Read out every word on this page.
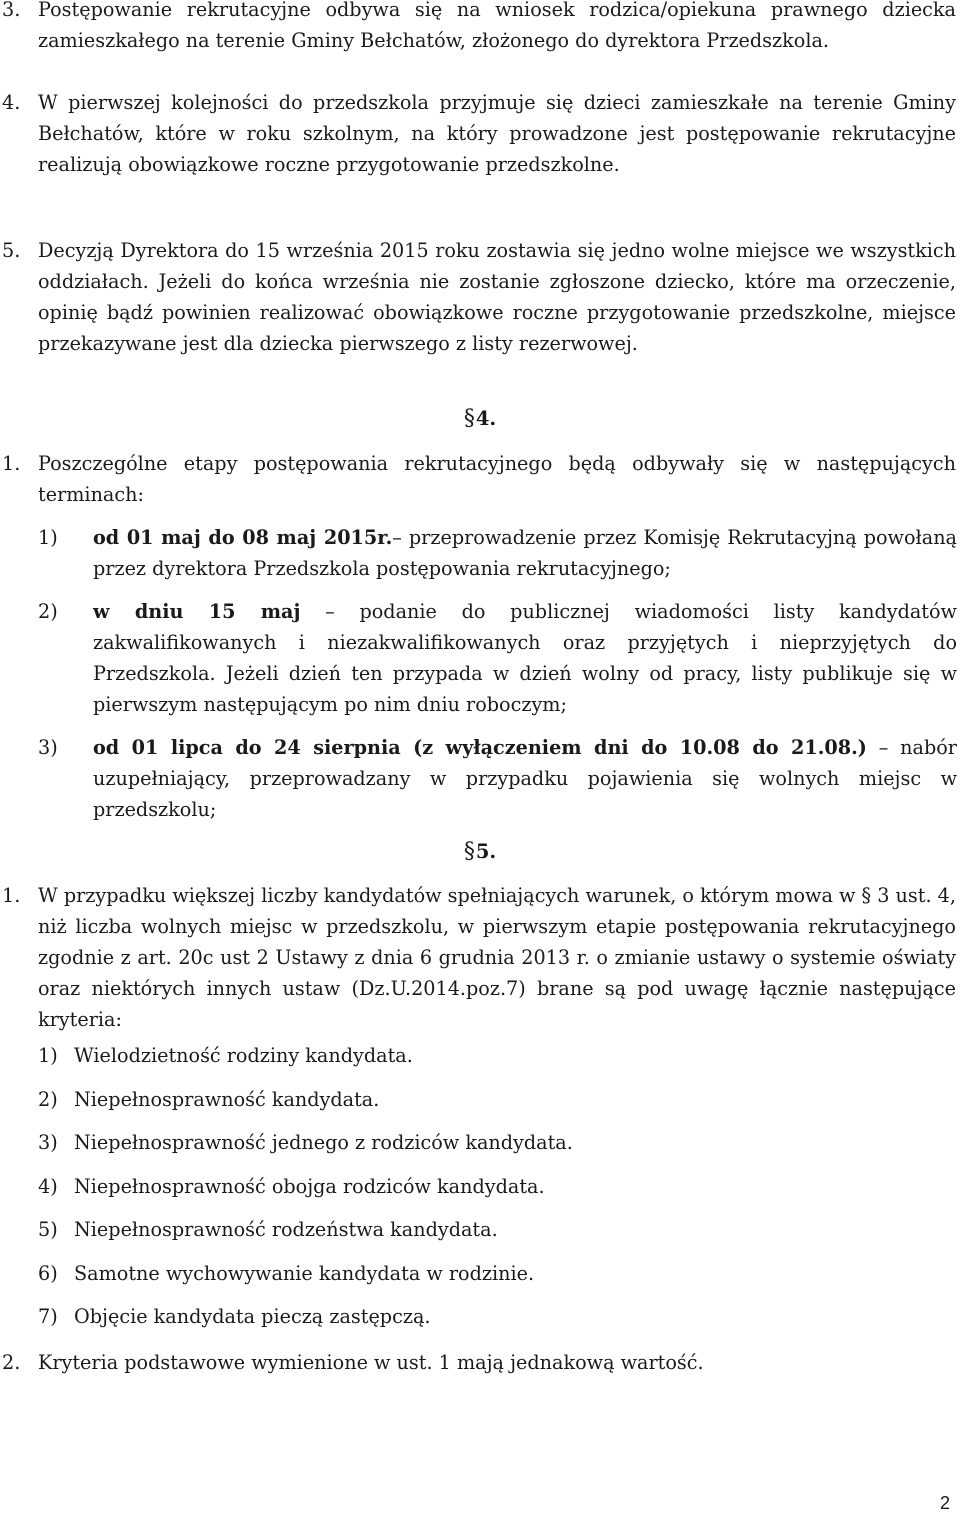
3. Postępowanie rekrutacyjne odbywa się na wniosek rodzica/opiekuna prawnego dziecka zamieszkałego na terenie Gminy Bełchatów, złożonego do dyrektora Przedszkola.

4. W pierwszej kolejności do przedszkola przyjmuje się dzieci zamieszkałe na terenie Gminy Bełchatów, które w roku szkolnym, na który prowadzone jest postępowanie rekrutacyjne realizują obowiązkowe roczne przygotowanie przedszkolne.

5. Decyzją Dyrektora do 15 września 2015 roku zostawia się jedno wolne miejsce we wszystkich oddziałach. Jeżeli do końca września nie zostanie zgłoszone dziecko, które ma orzeczenie, opinię bądź powinien realizować obowiązkowe roczne przygotowanie przedszkolne, miejsce przekazywane jest dla dziecka pierwszego z listy rezerwowej.

§4.

1. Poszczególne etapy postępowania rekrutacyjnego będą odbywały się w następujących terminach:

1) od 01 maj do 08 maj 2015r.– przeprowadzenie przez Komisję Rekrutacyjną powołaną przez dyrektora Przedszkola postępowania rekrutacyjnego;

2) w dniu 15 maj – podanie do publicznej wiadomości listy kandydatów zakwalifikowanych i niezakwalifikowanych oraz przyjętych i nieprzyjętych do Przedszkola. Jeżeli dzień ten przypada w dzień wolny od pracy, listy publikuje się w pierwszym następującym po nim dniu roboczym;

3) od 01 lipca do 24 sierpnia (z wyłączeniem dni do 10.08 do 21.08.) – nabór uzupełniający, przeprowadzany w przypadku pojawienia się wolnych miejsc w przedszkolu;

§5.

1. W przypadku większej liczby kandydatów spełniających warunek, o którym mowa w § 3 ust. 4, niż liczba wolnych miejsc w przedszkolu, w pierwszym etapie postępowania rekrutacyjnego zgodnie z art. 20c ust 2 Ustawy z dnia 6 grudnia 2013 r. o zmianie ustawy o systemie oświaty oraz niektórych innych ustaw (Dz.U.2014.poz.7) brane są pod uwagę łącznie następujące kryteria:

1) Wielodzietność rodziny kandydata.

2) Niepełnosprawność kandydata.

3) Niepełnosprawność jednego z rodziców kandydata.

4) Niepełnosprawność obojga rodziców kandydata.

5) Niepełnosprawność rodzeństwa kandydata.

6) Samotne wychowywanie kandydata w rodzinie.

7) Objęcie kandydata pieczą zastępczą.

2. Kryteria podstawowe wymienione w ust. 1 mają jednakową wartość.

2
